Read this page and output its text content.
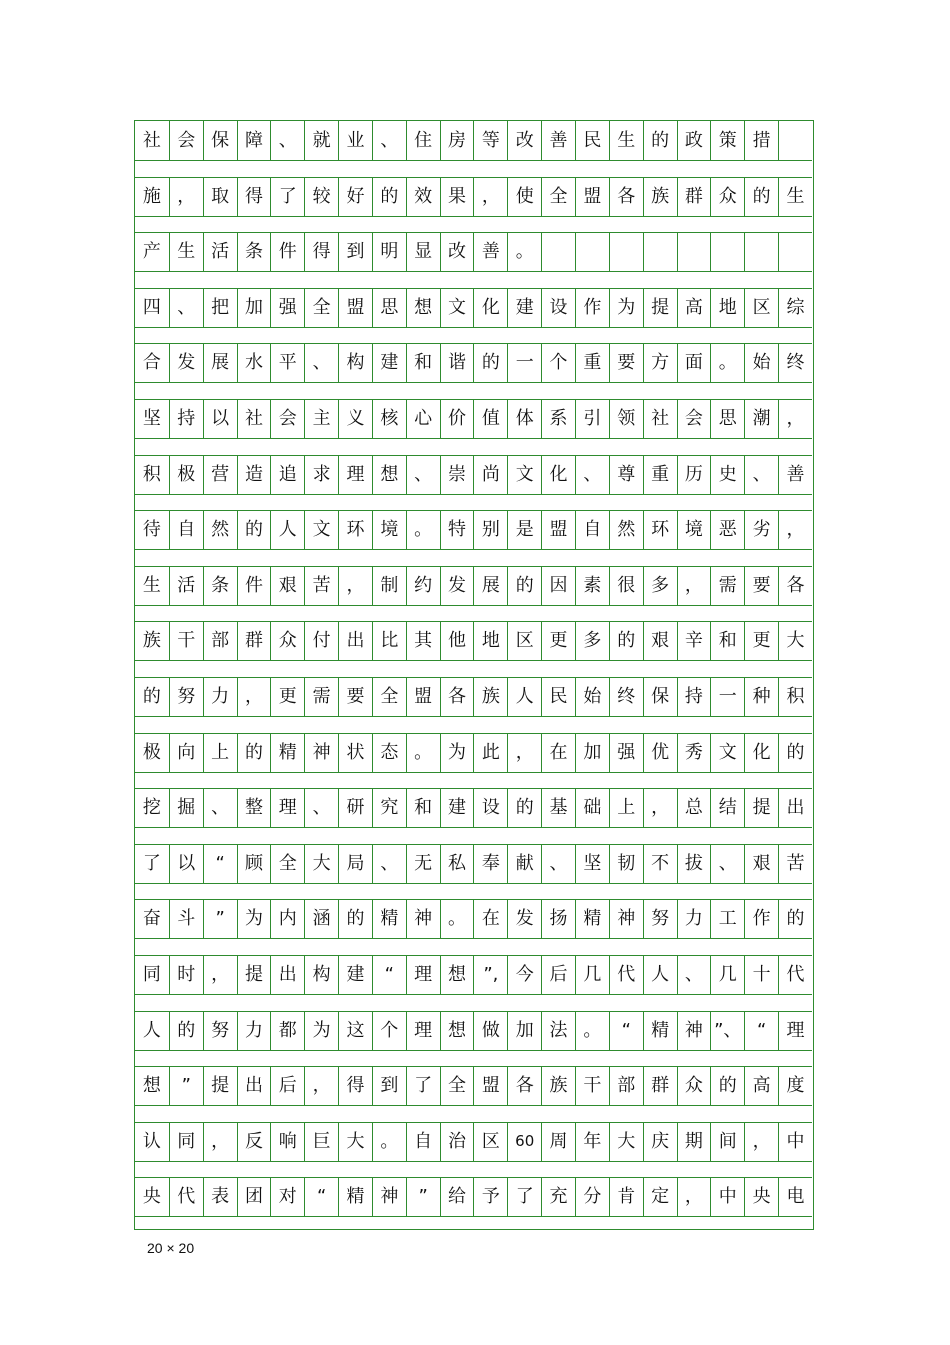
社 会 保 障 、 就 业 、 住 房 等 改 善 民 生 的 政 策 措
施 ， 取 得 了 较 好 的 效 果 ， 使 全 盟 各 族 群 众 的 生
产 生 活 条 件 得 到 明 显 改 善 。
四 、 把 加 强 全 盟 思 想 文 化 建 设 作 为 提 高 地 区 综
合 发 展 水 平 、 构 建 和 谐 的 一 个 重 要 方 面 。 始 终
坚 持 以 社 会 主 义 核 心 价 值 体 系 引 领 社 会 思 潮 ，
积 极 营 造 追 求 理 想 、 崇 尚 文 化 、 尊 重 历 史 、 善
待 自 然 的 人 文 环 境 。 特 别 是 盟 自 然 环 境 恶 劣 ，
生 活 条 件 艰 苦 ， 制 约 发 展 的 因 素 很 多 ， 需 要 各
族 干 部 群 众 付 出 比 其 他 地 区 更 多 的 艰 辛 和 更 大
的 努 力 ， 更 需 要 全 盟 各 族 人 民 始 终 保 持 一 种 积
极 向 上 的 精 神 状 态 。 为 此 ， 在 加 强 优 秀 文 化 的
挖 掘 、 整 理 、 研 究 和 建 设 的 基 础 上 ， 总 结 提 出
了 以	“	顾 全 大 局 、 无 私 奉 献 、 坚 韧 不 拔 、 艰 苦
奋 斗	”	为 内 涵 的 精 神 。 在 发 扬 精 神 努 力 工 作 的
同 时 ， 提 出 构 建	“	理 想 ”, 今 后 几 代 人 、 几 十 代
人 的 努 力 都 为 这 个 理 想 做 加 法 。	“	精 神 ”、 “	理
想	”	提 出 后 ， 得 到 了 全 盟 各 族 干 部 群 众 的 高 度
认 同 ， 反 响 巨 大 。 自 治 区	60 周 年 大 庆 期 间 ， 中
央 代 表 团 对	“	精 神	”	给 予 了 充 分 肯 定 ， 中 央 电
20 × 20
